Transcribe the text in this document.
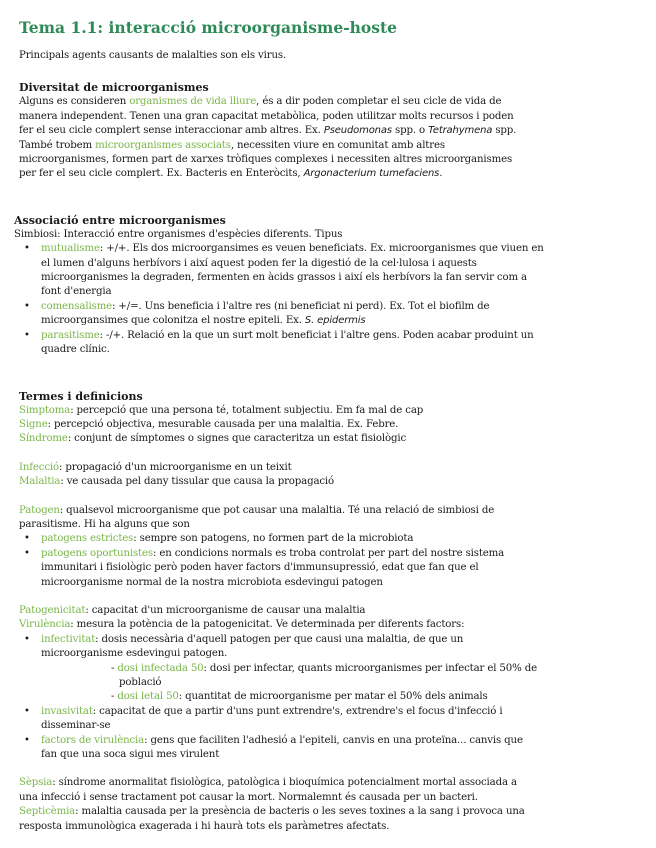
Tema 1.1: interacció microorganisme-hoste

Principals agents causants de malalties son els virus.

Diversitat de microorganismes
Alguns es consideren organismes de vida lliure, és a dir poden completar el seu cicle de vida de
manera independent. Tenen una gran capacitat metabòlica, poden utilitzar molts recursos i poden
fer el seu cicle complert sense interaccionar amb altres. Ex. Pseudomonas spp. o Tetrahymena spp.
També trobem microorganismes associats, necessiten viure en comunitat amb altres
microorganismes, formen part de xarxes tròfiques complexes i necessiten altres microorganismes
per fer el seu cicle complert. Ex. Bacteris en Enteròcits, Argonacterium tumefaciens.
Associació entre microorganismes
Simbiosi: Interacció entre organismes d'espècies diferents. Tipus
• mutualisme: +/+. Els dos microorgansimes es veuen beneficiats. Ex. microorganismes que viuen en
el lumen d'alguns herbívors i així aquest poden fer la digestió de la cel·lulosa i aquests
microorganismes la degraden, fermenten en àcids grassos i així els herbívors la fan servir com a
font d'energia
• comensalisme: +/=. Uns beneficia i l'altre res (ni beneficiat ni perd). Ex. Tot el biofilm de
microorgansimes que colonitza el nostre epiteli. Ex. S. epidermis
• parasitisme: -/+. Relació en la que un surt molt beneficiat i l'altre gens. Poden acabar produint un
quadre clínic.
Termes i definicions
Simptoma: percepció que una persona té, totalment subjectiu. Em fa mal de cap
Signe: percepció objectiva, mesurable causada per una malaltia. Ex. Febre.
Síndrome: conjunt de símptomes o signes que caracteritza un estat fisiològic
Infecció: propagació d'un microorganisme en un teixit
Malaltia: ve causada pel dany tissular que causa la propagació
Patogen: qualsevol microorganisme que pot causar una malaltia. Té una relació de simbiosi de
parasitisme. Hi ha alguns que son
• patogens estrictes: sempre son patogens, no formen part de la microbiota
• patogens oportunistes: en condicions normals es troba controlat per part del nostre sistema
immunitari i fisiològic però poden haver factors d'immunsupressió, edat que fan que el
microorganisme normal de la nostra microbiota esdevingui patogen
Patogenicitat: capacitat d'un microorganisme de causar una malaltia
Virulència: mesura la potència de la patogenicitat. Ve determinada per diferents factors:
• infectivitat: dosis necessària d'aquell patogen per que causi una malaltia, de que un
microorganisme esdevingui patogen.
- dosi infectada 50: dosi per infectar, quants microorganismes per infectar el 50% de
població
- dosi letal 50: quantitat de microorganisme per matar el 50% dels animals
• invasivitat: capacitat de que a partir d'uns punt extrendre's, extrendre's el focus d'infecció i
disseminar-se
• factors de virulència: gens que faciliten l'adhesió a l'epiteli, canvis en una proteïna... canvis que
fan que una soca sigui mes virulent
Sèpsia: síndrome anormalitat fisiològica, patològica i bioquímica potencialment mortal associada a
una infecció i sense tractament pot causar la mort. Normalemnt és causada per un bacteri.
Septicèmia: malaltia causada per la presència de bacteris o les seves toxines a la sang i provoca una
resposta immunològica exagerada i hi haurà tots els paràmetres afectats.
